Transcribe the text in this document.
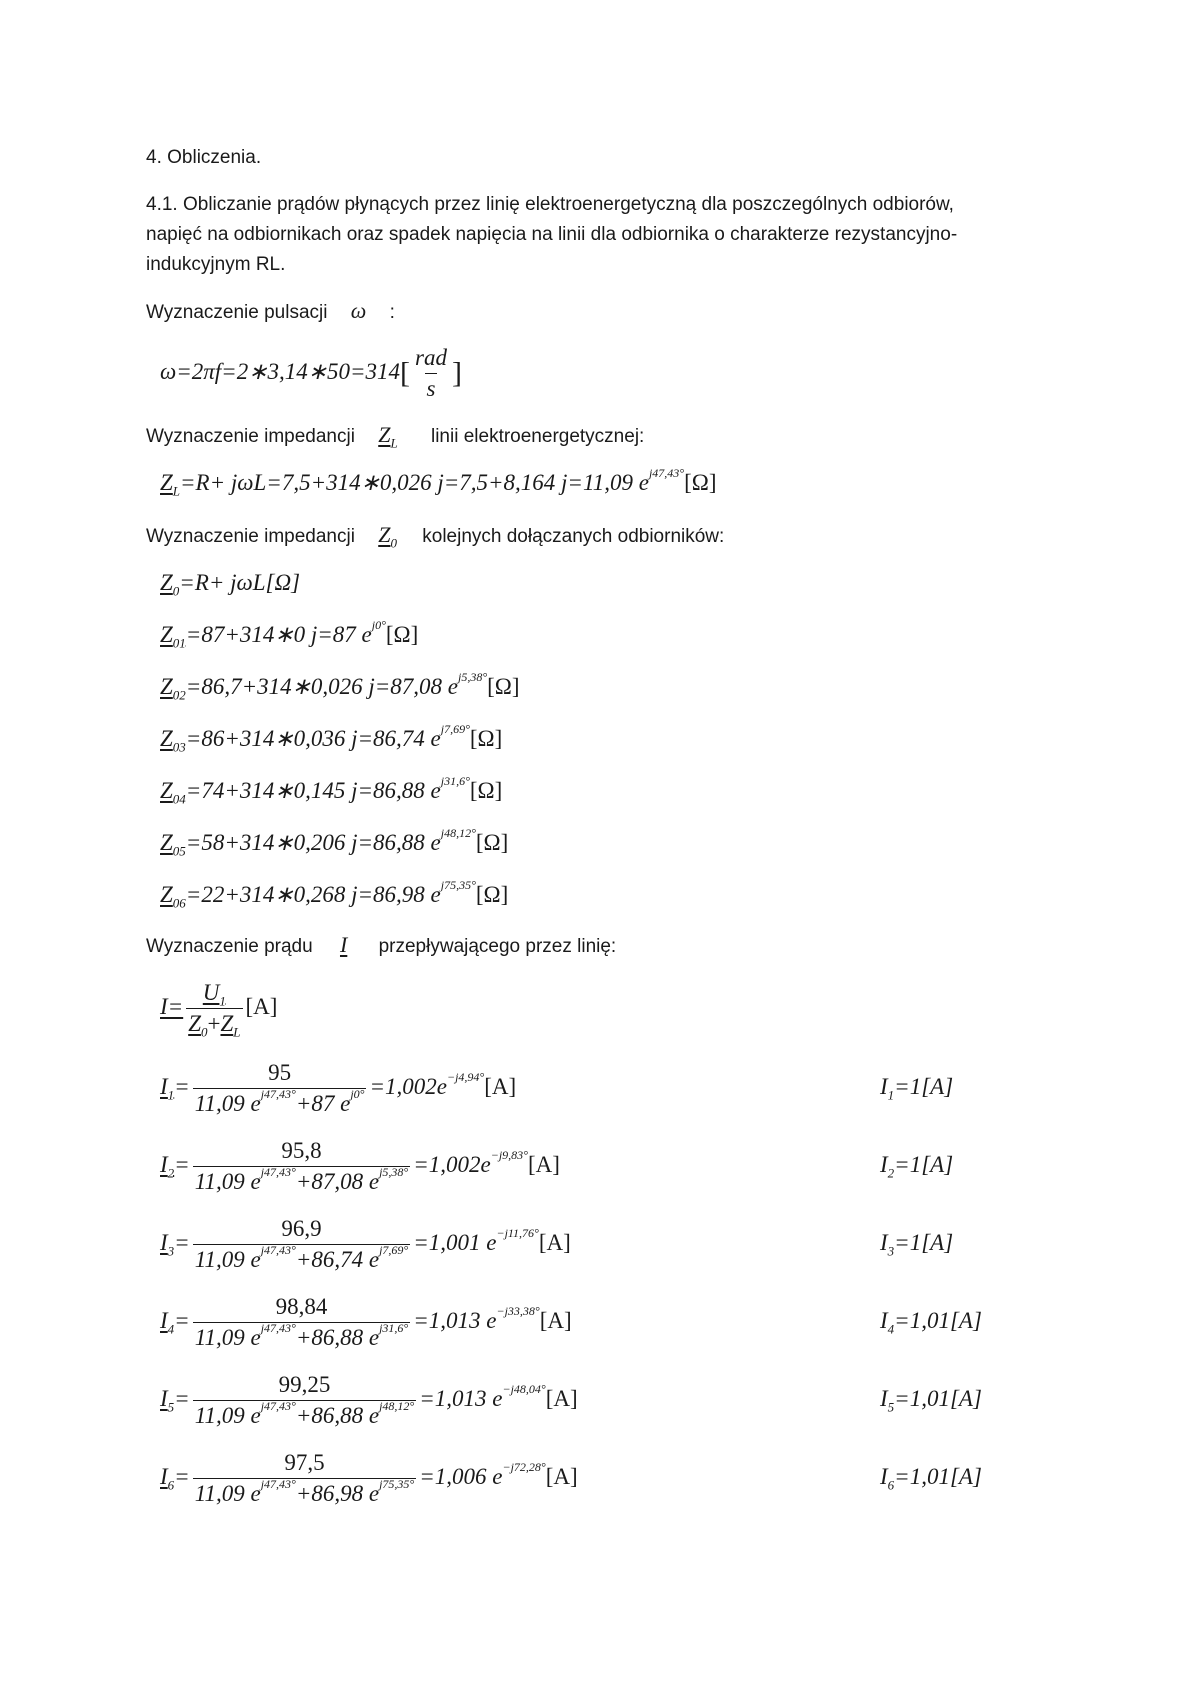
4. Obliczenia.
4.1. Obliczanie prądów płynących przez linię elektroenergetyczną dla poszczególnych odbiorów,
napięć na odbiornikach oraz spadek napięcia na linii dla odbiornika o charakterze rezystancyjno-
indukcyjnym RL.
Wyznaczenie pulsacji ω :
ω=2πf=2∗3,14∗50=314[ $\frac{\text{rad}}{s}$ ]
Wyznaczenie impedancji $Z_L$ linii elektroenergetycznej:
$Z_L=R+$ jωL=7,5+314∗0,026 j=7,5+8,164 j=11,09 $e^{j47,43^\circ}[\Omega]$
Wyznaczenie impedancji $Z_0$ kolejnych dołączanych odbiorników:
$Z_0=R+ j\omega L[\Omega]$
$Z_{01}=87+314∗0$ j=87 $e^{j0^\circ}[\Omega]$
$Z_{02}=86,7+314∗0,026$ j=87,08 $e^{j5,38^\circ}[\Omega]$
$Z_{03}=86+314∗0,036$ j=86,74 $e^{j7,69^\circ}[\Omega]$
$Z_{04}=74+314∗0,145$ j=86,88 $e^{j31,6^\circ}[\Omega]$
$Z_{05}=58+314∗0,206$ j=86,88 $e^{j48,12^\circ}[\Omega]$
$Z_{06}=22+314∗0,268$ j=86,98 $e^{j75,35^\circ}[\Omega]$
Wyznaczenie prądu I przepływającego przez linię:
$I= \frac{U_1}{Z_0+Z_L} [A]$
$I_1= \frac{95}{11,09 e^{j47,43^\circ}+87 e^{j0^\circ}} =1,002e^{-j4,94^\circ}[A]$	$I_1=1[A]$
$I_2= \frac{95,8}{11,09 e^{j47,43^\circ}+87,08 e^{j5,38^\circ}} =1,002e^{-j9,83^\circ}[A]$	$I_2=1[A]$
$I_3= \frac{96,9}{11,09 e^{j47,43^\circ}+86,74 e^{j7,69^\circ}} =1,001$ $e^{-j11,76^\circ}[A]$	$I_3=1[A]$
$I_4= \frac{98,84}{11,09 e^{j47,43^\circ}+86,88 e^{j31,6^\circ}} =1,013$ $e^{-j33,38^\circ}[A]$	$I_4=1,01[A]$
$I_5= \frac{99,25}{11,09 e^{j47,43^\circ}+86,88 e^{j48,12^\circ}} =1,013$ $e^{-j48,04^\circ}[A]$	$I_5=1,01[A]$
$I_6= \frac{97,5}{11,09 e^{j47,43^\circ}+86,98 e^{j75,35^\circ}} =1,006$ $e^{-j72,28^\circ}[A]$	$I_6=1,01[A]$
